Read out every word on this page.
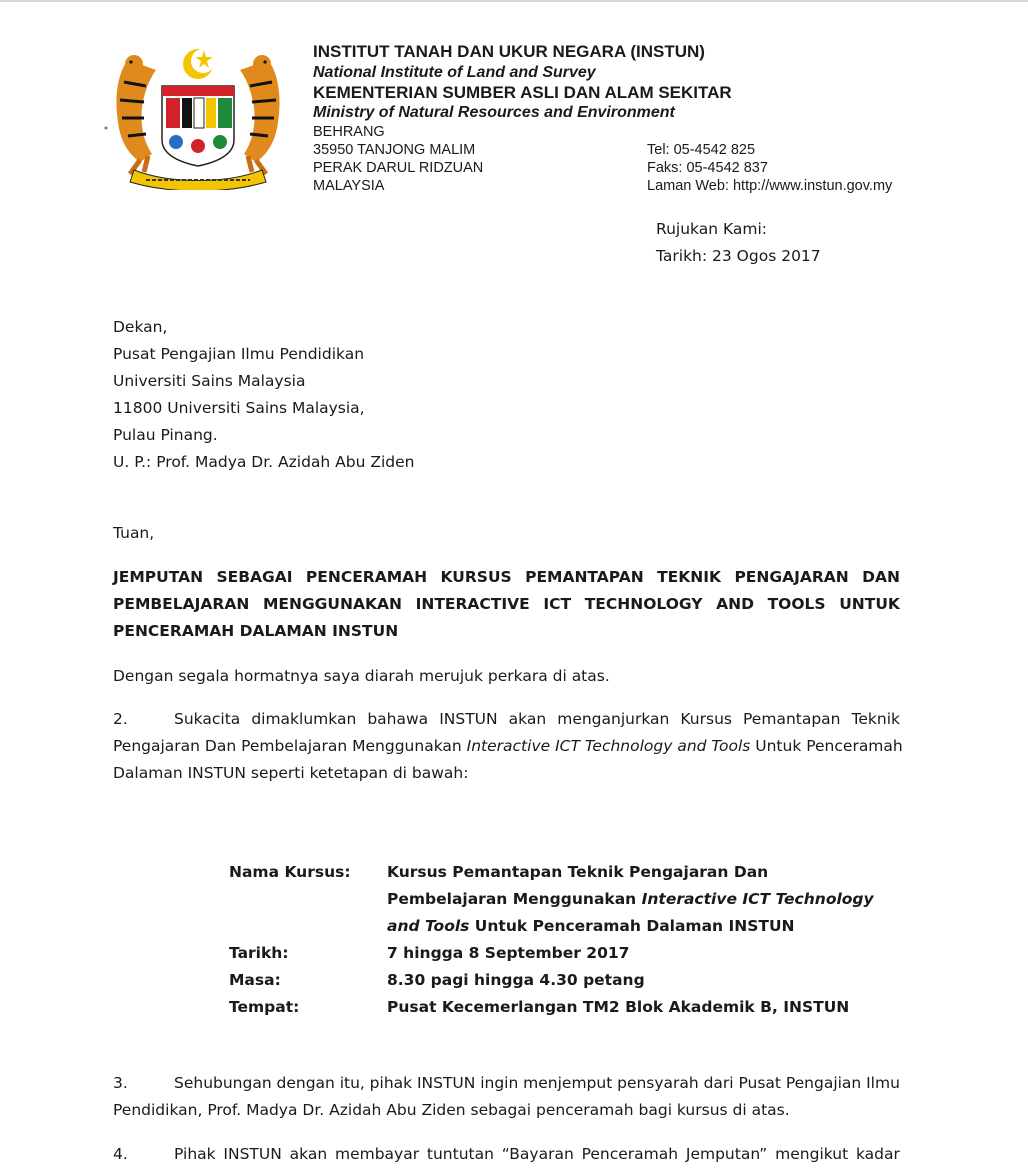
INSTITUT TANAH DAN UKUR NEGARA (INSTUN)
National Institute of Land and Survey
KEMENTERIAN SUMBER ASLI DAN ALAM SEKITAR
Ministry of Natural Resources and Environment
BEHRANG
35950 TANJONG MALIM
PERAK DARUL RIDZUAN
MALAYSIA
Tel: 05-4542 825
Faks: 05-4542 837
Laman Web: http://www.instun.gov.my
Rujukan Kami:
Tarikh: 23 Ogos 2017
Dekan,
Pusat Pengajian Ilmu Pendidikan
Universiti Sains Malaysia
11800 Universiti Sains Malaysia,
Pulau Pinang.
U. P.: Prof. Madya Dr. Azidah Abu Ziden
Tuan,
JEMPUTAN SEBAGAI PENCERAMAH KURSUS PEMANTAPAN TEKNIK PENGAJARAN DAN
PEMBELAJARAN MENGGUNAKAN INTERACTIVE ICT TECHNOLOGY AND TOOLS UNTUK
PENCERAMAH DALAMAN INSTUN
Dengan segala hormatnya saya diarah merujuk perkara di atas.
2.	Sukacita dimaklumkan bahawa INSTUN akan menganjurkan Kursus Pemantapan Teknik
Pengajaran Dan Pembelajaran Menggunakan Interactive ICT Technology and Tools Untuk Penceramah
Dalaman INSTUN seperti ketetapan di bawah:
Nama Kursus: Kursus Pemantapan Teknik Pengajaran Dan
Pembelajaran Menggunakan Interactive ICT Technology
and Tools Untuk Penceramah Dalaman INSTUN
Tarikh:	7 hingga 8 September 2017
Masa:	8.30 pagi hingga 4.30 petang
Tempat:	Pusat Kecemerlangan TM2 Blok Akademik B, INSTUN
3.	Sehubungan dengan itu, pihak INSTUN ingin menjemput pensyarah dari Pusat Pengajian Ilmu
Pendidikan, Prof. Madya Dr. Azidah Abu Ziden sebagai penceramah bagi kursus di atas.
4.	Pihak INSTUN akan membayar tuntutan “Bayaran Penceramah Jemputan” mengikut kadar
